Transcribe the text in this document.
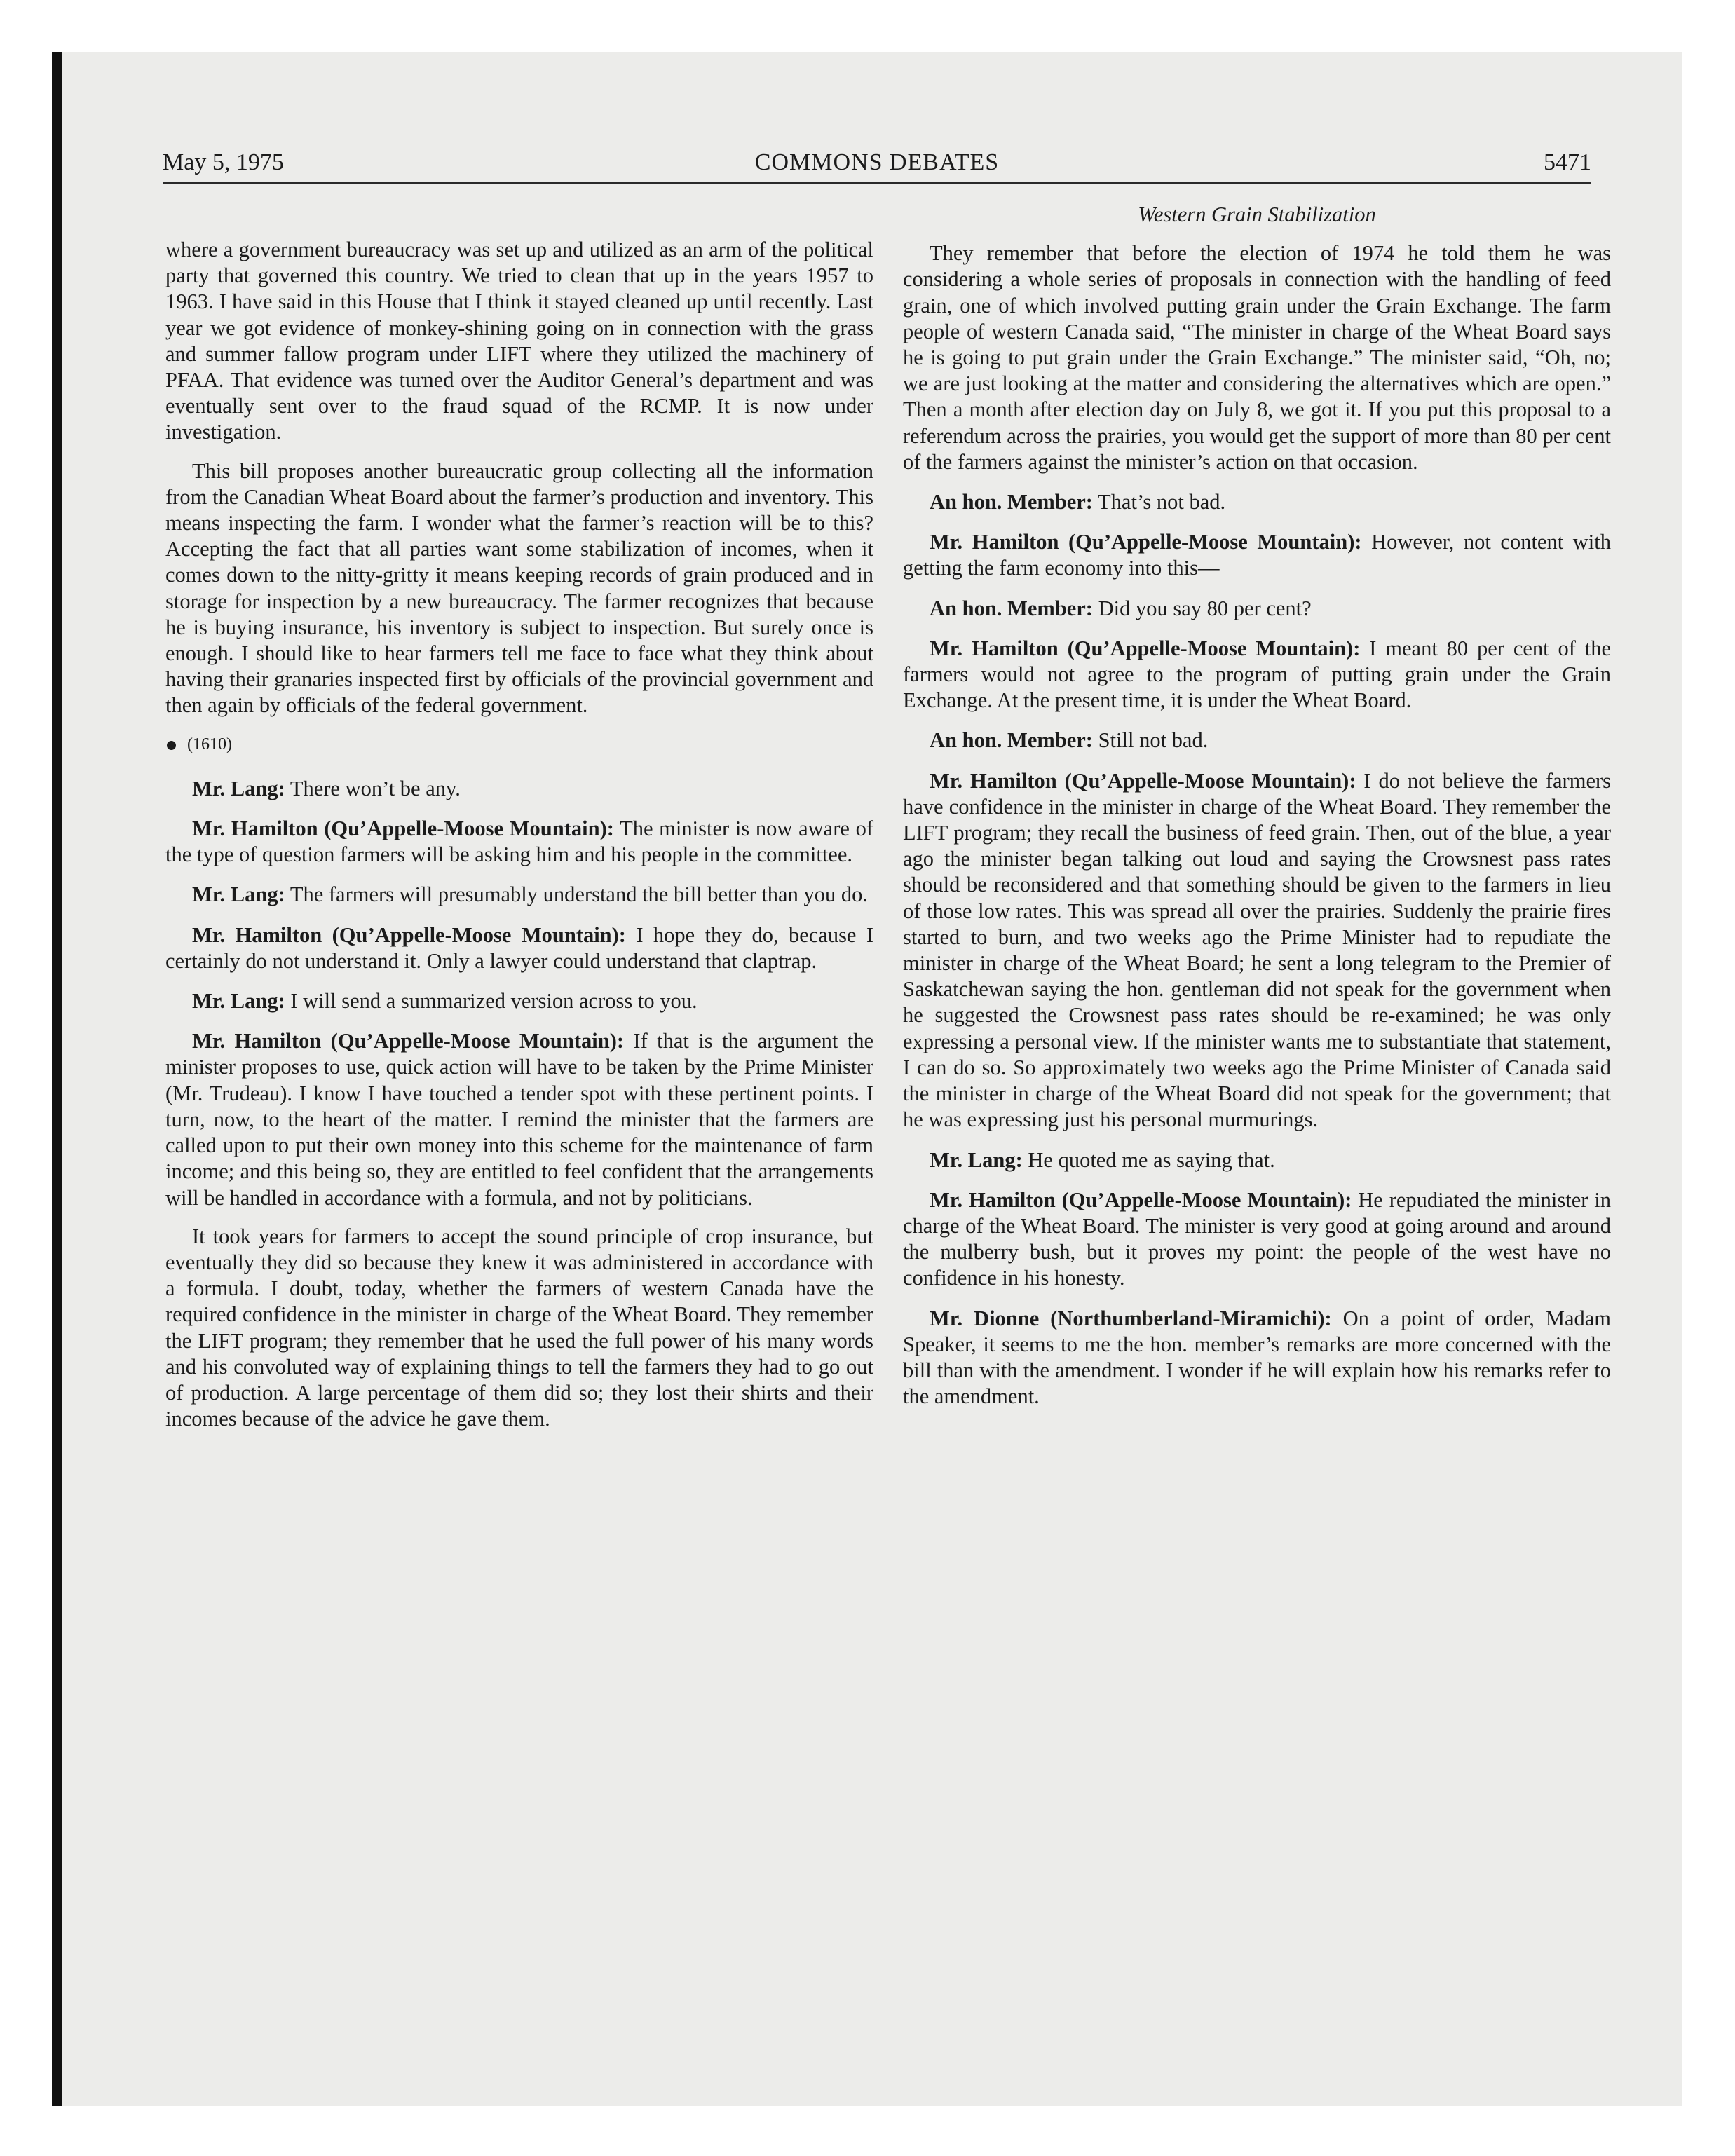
May 5, 1975	COMMONS DEBATES	5471

where a government bureaucracy was set up and utilized as an arm of the political party that governed this country. We tried to clean that up in the years 1957 to 1963. I have said in this House that I think it stayed cleaned up until recently. Last year we got evidence of monkey-shining going on in connection with the grass and summer fallow program under LIFT where they utilized the machinery of PFAA. That evidence was turned over the Auditor General’s department and was eventually sent over to the fraud squad of the RCMP. It is now under investigation.

This bill proposes another bureaucratic group collecting all the information from the Canadian Wheat Board about the farmer’s production and inventory. This means inspecting the farm. I wonder what the farmer’s reaction will be to this? Accepting the fact that all parties want some stabilization of incomes, when it comes down to the nitty-gritty it means keeping records of grain produced and in storage for inspection by a new bureaucracy. The farmer recognizes that because he is buying insurance, his inventory is subject to inspection. But surely once is enough. I should like to hear farmers tell me face to face what they think about having their granaries inspected first by officials of the provincial government and then again by officials of the federal government.

(1610)

Mr. Lang: There won’t be any.

Mr. Hamilton (Qu’Appelle-Moose Mountain): The minister is now aware of the type of question farmers will be asking him and his people in the committee.

Mr. Lang: The farmers will presumably understand the bill better than you do.

Mr. Hamilton (Qu’Appelle-Moose Mountain): I hope they do, because I certainly do not understand it. Only a lawyer could understand that claptrap.

Mr. Lang: I will send a summarized version across to you.

Mr. Hamilton (Qu’Appelle-Moose Mountain): If that is the argument the minister proposes to use, quick action will have to be taken by the Prime Minister (Mr. Trudeau). I know I have touched a tender spot with these pertinent points. I turn, now, to the heart of the matter. I remind the minister that the farmers are called upon to put their own money into this scheme for the maintenance of farm income; and this being so, they are entitled to feel confident that the arrangements will be handled in accordance with a formula, and not by politicians.

It took years for farmers to accept the sound principle of crop insurance, but eventually they did so because they knew it was administered in accordance with a formula. I doubt, today, whether the farmers of western Canada have the required confidence in the minister in charge of the Wheat Board. They remember the LIFT program; they remember that he used the full power of his many words and his convoluted way of explaining things to tell the farmers they had to go out of production. A large percentage of them did so; they lost their shirts and their incomes because of the advice he gave them.

Western Grain Stabilization

They remember that before the election of 1974 he told them he was considering a whole series of proposals in connection with the handling of feed grain, one of which involved putting grain under the Grain Exchange. The farm people of western Canada said, “The minister in charge of the Wheat Board says he is going to put grain under the Grain Exchange.” The minister said, “Oh, no; we are just looking at the matter and considering the alternatives which are open.” Then a month after election day on July 8, we got it. If you put this proposal to a referendum across the prairies, you would get the support of more than 80 per cent of the farmers against the minister’s action on that occasion.

An hon. Member: That’s not bad.

Mr. Hamilton (Qu’Appelle-Moose Mountain): However, not content with getting the farm economy into this—

An hon. Member: Did you say 80 per cent?

Mr. Hamilton (Qu’Appelle-Moose Mountain): I meant 80 per cent of the farmers would not agree to the program of putting grain under the Grain Exchange. At the present time, it is under the Wheat Board.

An hon. Member: Still not bad.

Mr. Hamilton (Qu’Appelle-Moose Mountain): I do not believe the farmers have confidence in the minister in charge of the Wheat Board. They remember the LIFT program; they recall the business of feed grain. Then, out of the blue, a year ago the minister began talking out loud and saying the Crowsnest pass rates should be reconsidered and that something should be given to the farmers in lieu of those low rates. This was spread all over the prairies. Suddenly the prairie fires started to burn, and two weeks ago the Prime Minister had to repudiate the minister in charge of the Wheat Board; he sent a long telegram to the Premier of Saskatchewan saying the hon. gentleman did not speak for the government when he suggested the Crowsnest pass rates should be re-examined; he was only expressing a personal view. If the minister wants me to substantiate that statement, I can do so. So approximately two weeks ago the Prime Minister of Canada said the minister in charge of the Wheat Board did not speak for the government; that he was expressing just his personal murmurings.

Mr. Lang: He quoted me as saying that.

Mr. Hamilton (Qu’Appelle-Moose Mountain): He repudiated the minister in charge of the Wheat Board. The minister is very good at going around and around the mulberry bush, but it proves my point: the people of the west have no confidence in his honesty.

Mr. Dionne (Northumberland-Miramichi): On a point of order, Madam Speaker, it seems to me the hon. member’s remarks are more concerned with the bill than with the amendment. I wonder if he will explain how his remarks refer to the amendment.
